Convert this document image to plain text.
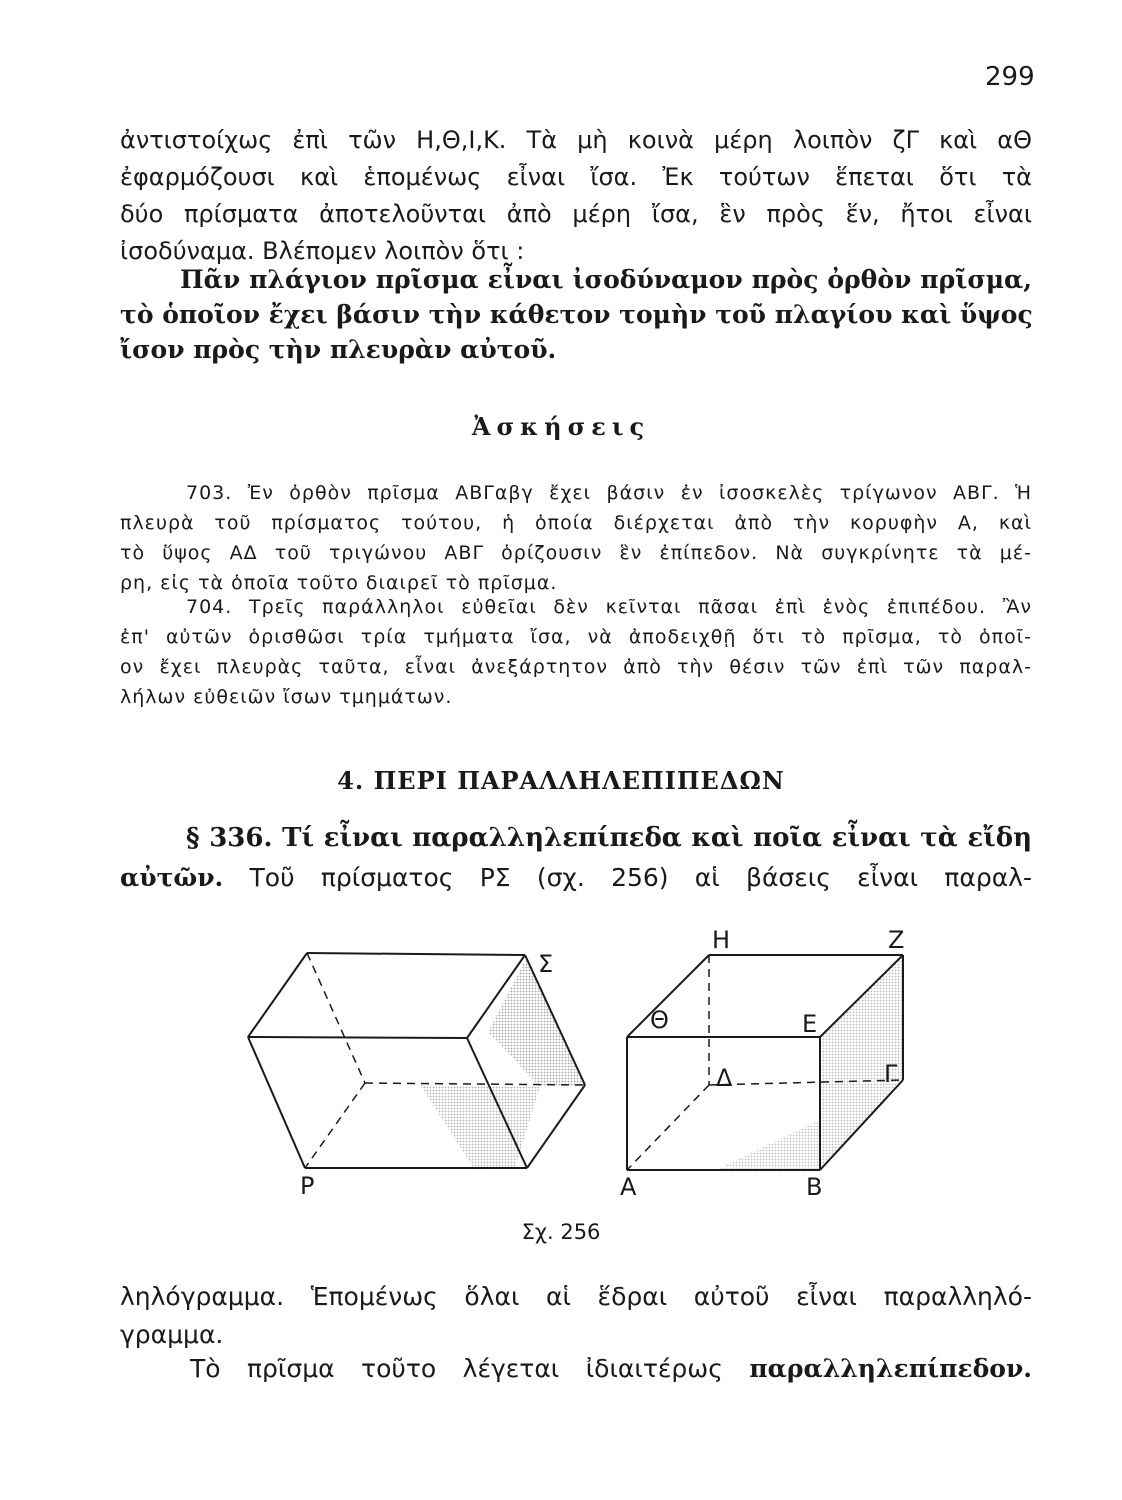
299
ἀντιστοίχως ἐπὶ τῶν Η,Θ,Ι,Κ. Τὰ μὴ κοινὰ μέρη λοιπὸν ζΓ καὶ αΘ
ἐφαρμόζουσι καὶ ἑπομένως εἶναι ἴσα. Ἐκ τούτων ἕπεται ὅτι τὰ
δύο πρίσματα ἀποτελοῦνται ἀπὸ μέρη ἴσα, ἓν πρὸς ἕν, ἤτοι εἶναι
ἰσοδύναμα. Βλέπομεν λοιπὸν ὅτι :
Πᾶν πλάγιον πρῖσμα εἶναι ἰσοδύναμον πρὸς ὀρθὸν πρῖσμα,
τὸ ὁποῖον ἔχει βάσιν τὴν κάθετον τομὴν τοῦ πλαγίου καὶ ὕψος
ἴσον πρὸς τὴν πλευρὰν αὐτοῦ.
Ἀσκήσεις
703. Ἐν ὀρθὸν πρῖσμα ΑΒΓαβγ ἔχει βάσιν ἐν ἰσοσκελὲς τρίγωνον ΑΒΓ. Ἡ
πλευρὰ τοῦ πρίσματος τούτου, ἡ ὁποία διέρχεται ἀπὸ τὴν κορυφὴν Α, καὶ
τὸ ὕψος ΑΔ τοῦ τριγώνου ΑΒΓ ὁρίζουσιν ἓν ἐπίπεδον. Νὰ συγκρίνητε τὰ μέ-
ρη, εἰς τὰ ὁποῖα τοῦτο διαιρεῖ τὸ πρῖσμα.
704. Τρεῖς παράλληλοι εὐθεῖαι δὲν κεῖνται πᾶσαι ἐπὶ ἑνὸς ἐπιπέδου. Ἂν
ἐπ' αὐτῶν ὁρισθῶσι τρία τμήματα ἴσα, νὰ ἀποδειχθῇ ὅτι τὸ πρῖσμα, τὸ ὁποῖ-
ον ἔχει πλευρὰς ταῦτα, εἶναι ἀνεξάρτητον ἀπὸ τὴν θέσιν τῶν ἐπὶ τῶν παραλ-
λήλων εὐθειῶν ἴσων τμημάτων.
4. ΠΕΡΙ ΠΑΡΑΛΛΗΛΕΠΙΠΕΔΩΝ
§ 336. Τί εἶναι παραλληλεπίπεδα καὶ ποῖα εἶναι τὰ εἴδη
αὐτῶν. Τοῦ πρίσματος ΡΣ (σχ. 256) αἱ βάσεις εἶναι παραλ-
Σ
Ρ
Η	Ζ
Θ	Ε
Δ	Γ
Α	Β
Σχ. 256
ληλόγραμμα. Ἑπομένως ὅλαι αἱ ἕδραι αὐτοῦ εἶναι παραλληλό-
γραμμα.
Τὸ πρῖσμα τοῦτο λέγεται ἰδιαιτέρως παραλληλεπίπεδον.
